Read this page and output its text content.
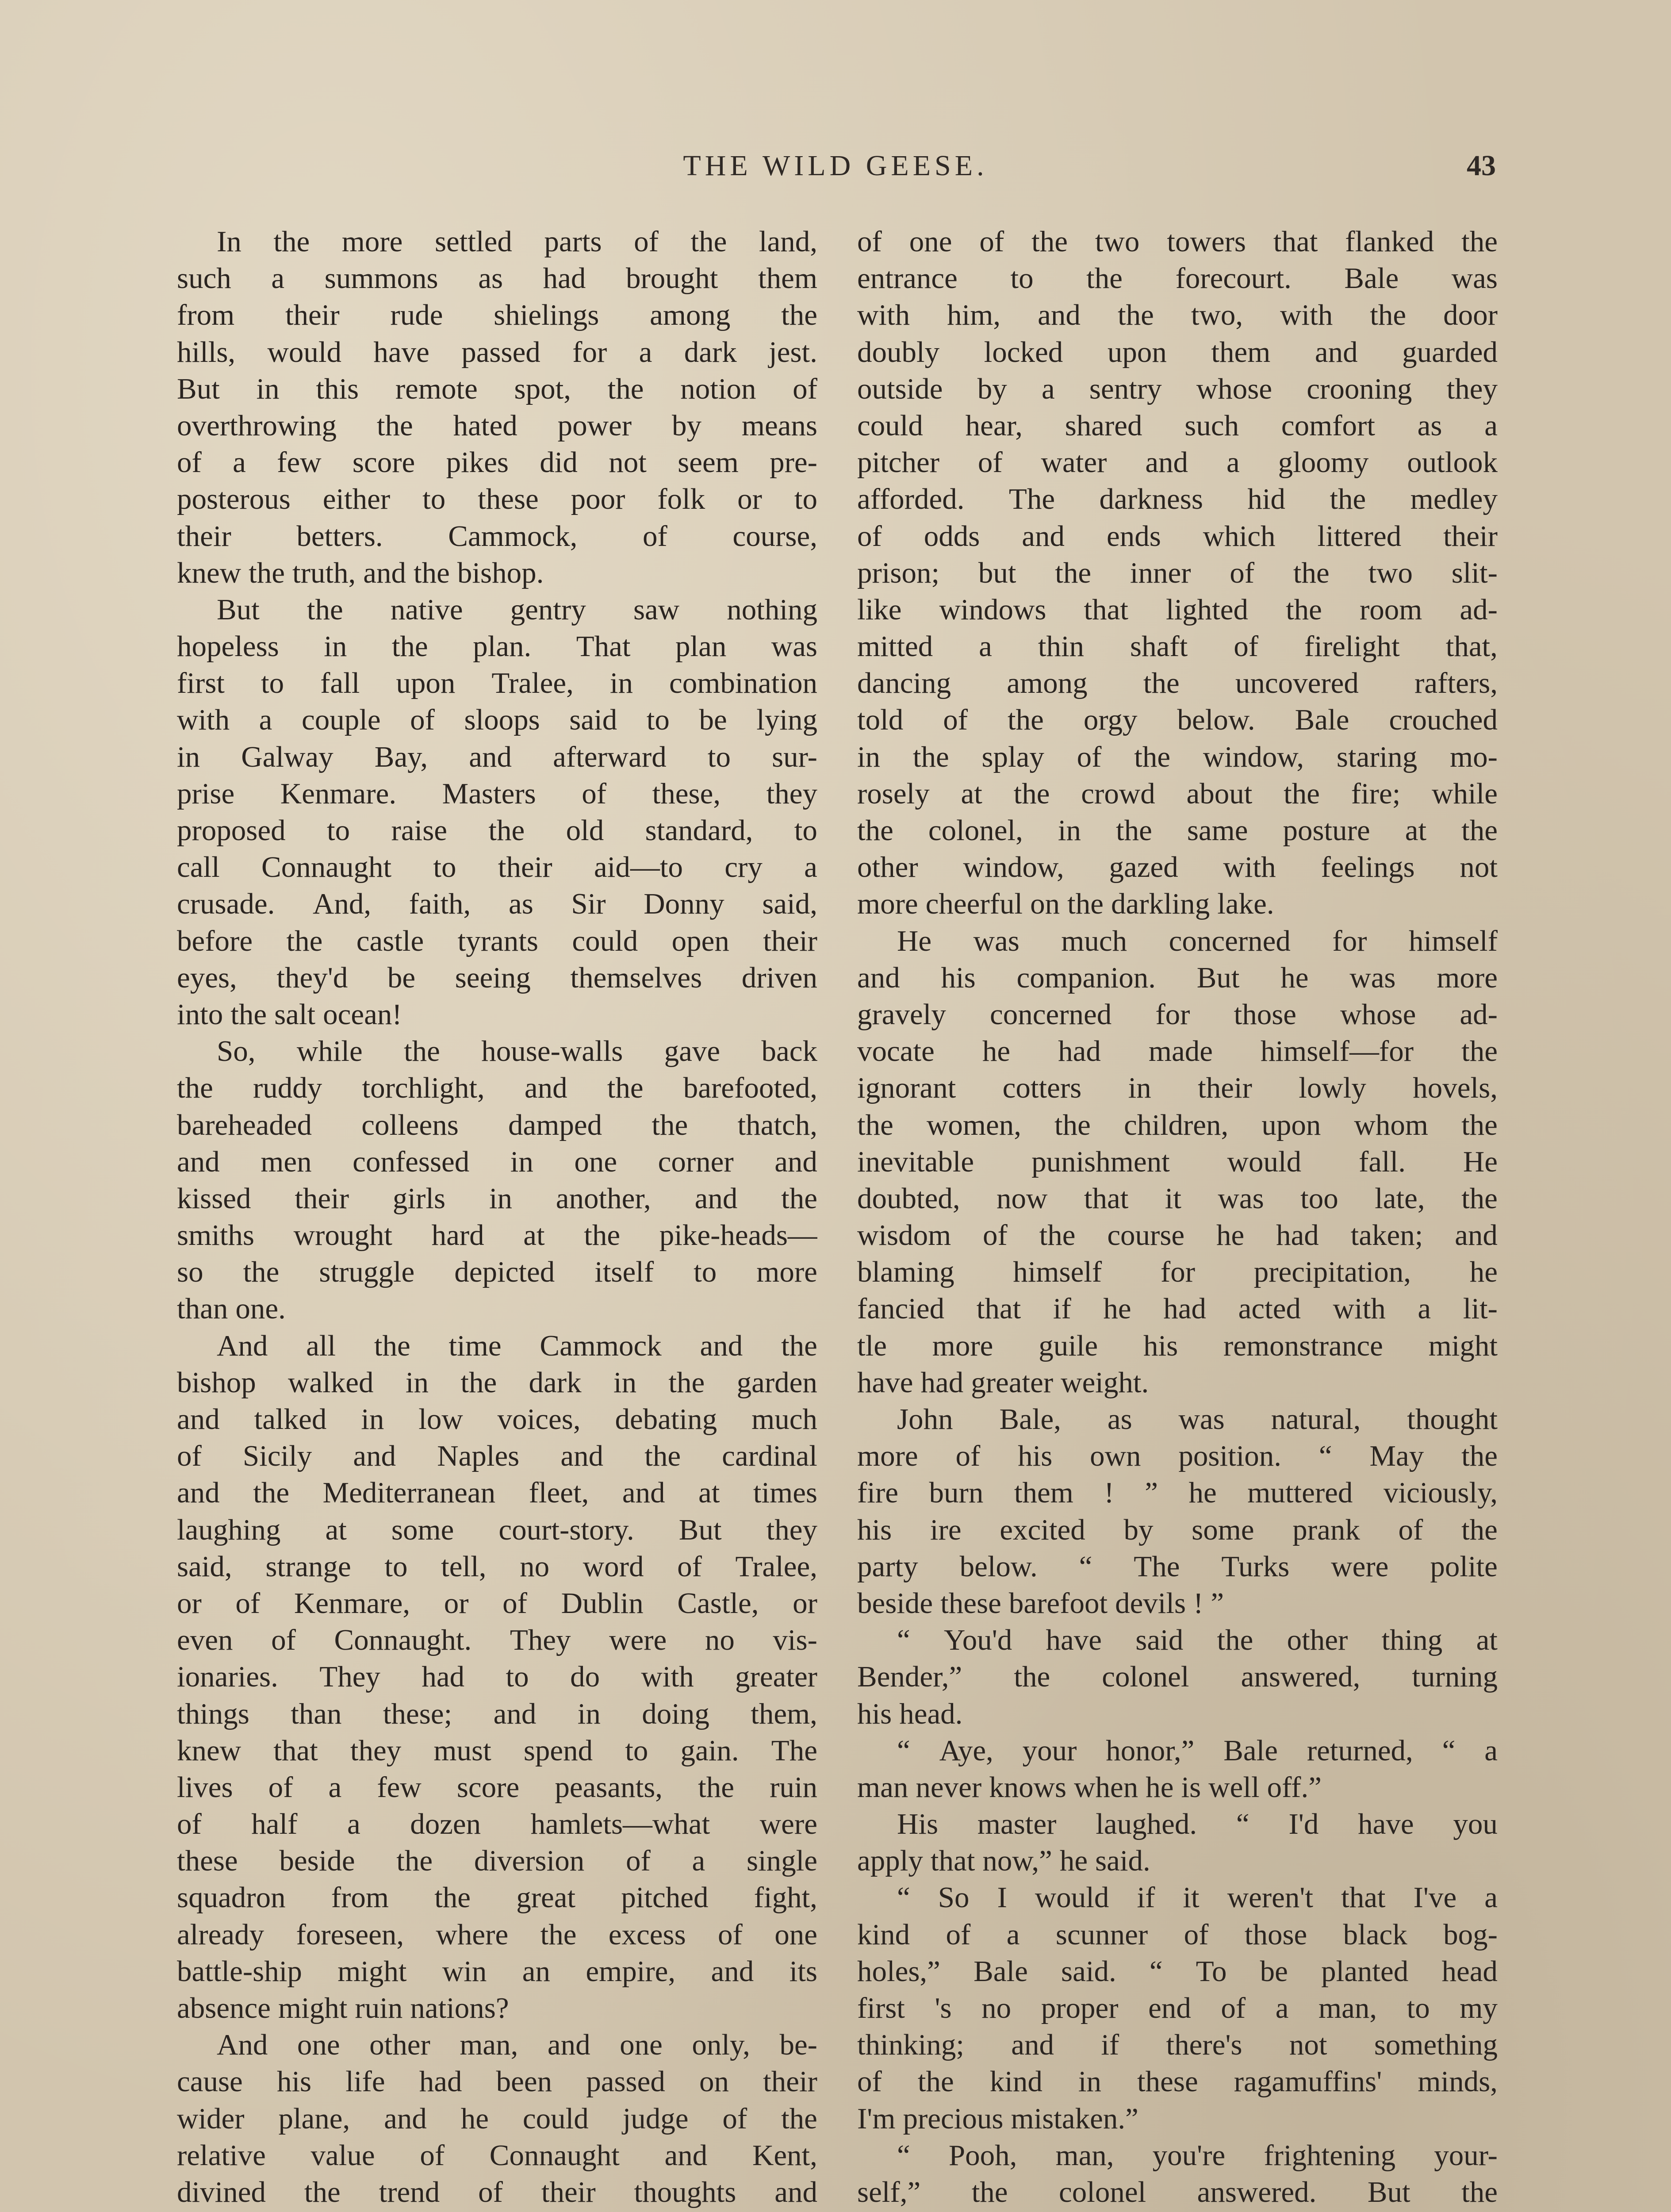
THE WILD GEESE.	43
In the more settled parts of the land,
such a summons as had brought them
from their rude shielings among the
hills, would have passed for a dark jest.
But in this remote spot, the notion of
overthrowing the hated power by means
of a few score pikes did not seem pre-
posterous either to these poor folk or to
their betters. Cammock, of course,
knew the truth, and the bishop.
But the native gentry saw nothing
hopeless in the plan. That plan was
first to fall upon Tralee, in combination
with a couple of sloops said to be lying
in Galway Bay, and afterward to sur-
prise Kenmare. Masters of these, they
proposed to raise the old standard, to
call Connaught to their aid—to cry a
crusade. And, faith, as Sir Donny said,
before the castle tyrants could open their
eyes, they'd be seeing themselves driven
into the salt ocean!
So, while the house-walls gave back
the ruddy torchlight, and the barefooted,
bareheaded colleens damped the thatch,
and men confessed in one corner and
kissed their girls in another, and the
smiths wrought hard at the pike-heads—
so the struggle depicted itself to more
than one.
And all the time Cammock and the
bishop walked in the dark in the garden
and talked in low voices, debating much
of Sicily and Naples and the cardinal
and the Mediterranean fleet, and at times
laughing at some court-story. But they
said, strange to tell, no word of Tralee,
or of Kenmare, or of Dublin Castle, or
even of Connaught. They were no vis-
ionaries. They had to do with greater
things than these; and in doing them,
knew that they must spend to gain. The
lives of a few score peasants, the ruin
of half a dozen hamlets—what were
these beside the diversion of a single
squadron from the great pitched fight,
already foreseen, where the excess of one
battle-ship might win an empire, and its
absence might ruin nations?
And one other man, and one only, be-
cause his life had been passed on their
wider plane, and he could judge of the
relative value of Connaught and Kent,
divined the trend of their thoughts and
of one of the two towers that flanked the
entrance to the forecourt. Bale was
with him, and the two, with the door
doubly locked upon them and guarded
outside by a sentry whose crooning they
could hear, shared such comfort as a
pitcher of water and a gloomy outlook
afforded. The darkness hid the medley
of odds and ends which littered their
prison; but the inner of the two slit-
like windows that lighted the room ad-
mitted a thin shaft of firelight that,
dancing among the uncovered rafters,
told of the orgy below. Bale crouched
in the splay of the window, staring mo-
rosely at the crowd about the fire; while
the colonel, in the same posture at the
other window, gazed with feelings not
more cheerful on the darkling lake.
He was much concerned for himself
and his companion. But he was more
gravely concerned for those whose ad-
vocate he had made himself—for the
ignorant cotters in their lowly hovels,
the women, the children, upon whom the
inevitable punishment would fall. He
doubted, now that it was too late, the
wisdom of the course he had taken; and
blaming himself for precipitation, he
fancied that if he had acted with a lit-
tle more guile his remonstrance might
have had greater weight.
John Bale, as was natural, thought
more of his own position. “ May the
fire burn them ! ” he muttered viciously,
his ire excited by some prank of the
party below. “ The Turks were polite
beside these barefoot devils ! ”
“ You'd have said the other thing at
Bender,” the colonel answered, turning
his head.
“ Aye, your honor,” Bale returned, “ a
man never knows when he is well off.”
His master laughed. “ I'd have you
apply that now,” he said.
“ So I would if it weren't that I've a
kind of a scunner of those black bog-
holes,” Bale said. “ To be planted head
first 's no proper end of a man, to my
thinking; and if there's not something
of the kind in these ragamuffins' minds,
I'm precious mistaken.”
“ Pooh, man, you're frightening your-
self,” the colonel answered. But the
